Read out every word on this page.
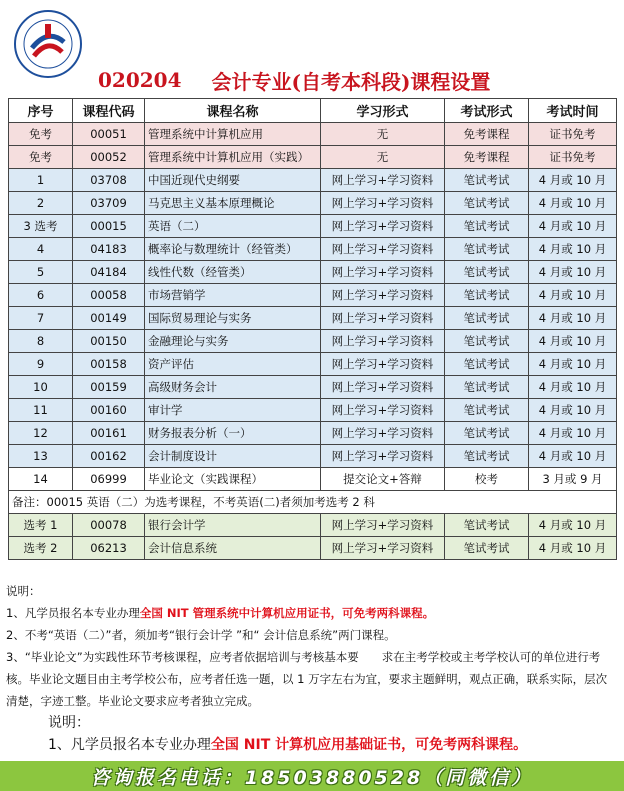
020204 会计专业(自考本科段)课程设置
序号	课程代码	课程名称	学习形式	考试形式	考试时间
免考	00051	管理系统中计算机应用	无	免考课程	证书免考
免考	00052	管理系统中计算机应用（实践）	无	免考课程	证书免考
1	03708	中国近现代史纲要	网上学习+学习资料	笔试考试	4 月或 10 月
2	03709	马克思主义基本原理概论	网上学习+学习资料	笔试考试	4 月或 10 月
3 选考	00015	英语（二）	网上学习+学习资料	笔试考试	4 月或 10 月
4	04183	概率论与数理统计（经管类）	网上学习+学习资料	笔试考试	4 月或 10 月
5	04184	线性代数（经管类）	网上学习+学习资料	笔试考试	4 月或 10 月
6	00058	市场营销学	网上学习+学习资料	笔试考试	4 月或 10 月
7	00149	国际贸易理论与实务	网上学习+学习资料	笔试考试	4 月或 10 月
8	00150	金融理论与实务	网上学习+学习资料	笔试考试	4 月或 10 月
9	00158	资产评估	网上学习+学习资料	笔试考试	4 月或 10 月
10	00159	高级财务会计	网上学习+学习资料	笔试考试	4 月或 10 月
11	00160	审计学	网上学习+学习资料	笔试考试	4 月或 10 月
12	00161	财务报表分析（一）	网上学习+学习资料	笔试考试	4 月或 10 月
13	00162	会计制度设计	网上学习+学习资料	笔试考试	4 月或 10 月
14	06999	毕业论文（实践课程）	提交论文+答辩	校考	3 月或 9 月
备注：00015 英语（二）为选考课程，不考英语(二)者须加考选考 2 科					
选考 1	00078	银行会计学	网上学习+学习资料	笔试考试	4 月或 10 月
选考 2	06213	会计信息系统	网上学习+学习资料	笔试考试	4 月或 10 月

说明：

1、凡学员报名本专业办理全国 NIT 管理系统中计算机应用证书，可免考两科课程。

2、不考“英语（二）”者，须加考“银行会计学 ”和“ 会计信息系统”两门课程。

3、“毕业论文”为实践性环节考核课程，应考者依据培训与考核基本要　　求在主考学校或主考学校认可的单位进行考核。毕业论文题目由主考学校公布，应考者任选一题，以 1 万字左右为宜，要求主题鲜明，观点正确，联系实际，层次清楚，字迹工整。毕业论文要求应考者独立完成。

说明：

1、凡学员报名本专业办理全国 NIT 计算机应用基础证书，可免考两科课程。

咨询报名电话：18503880528（同微信）
